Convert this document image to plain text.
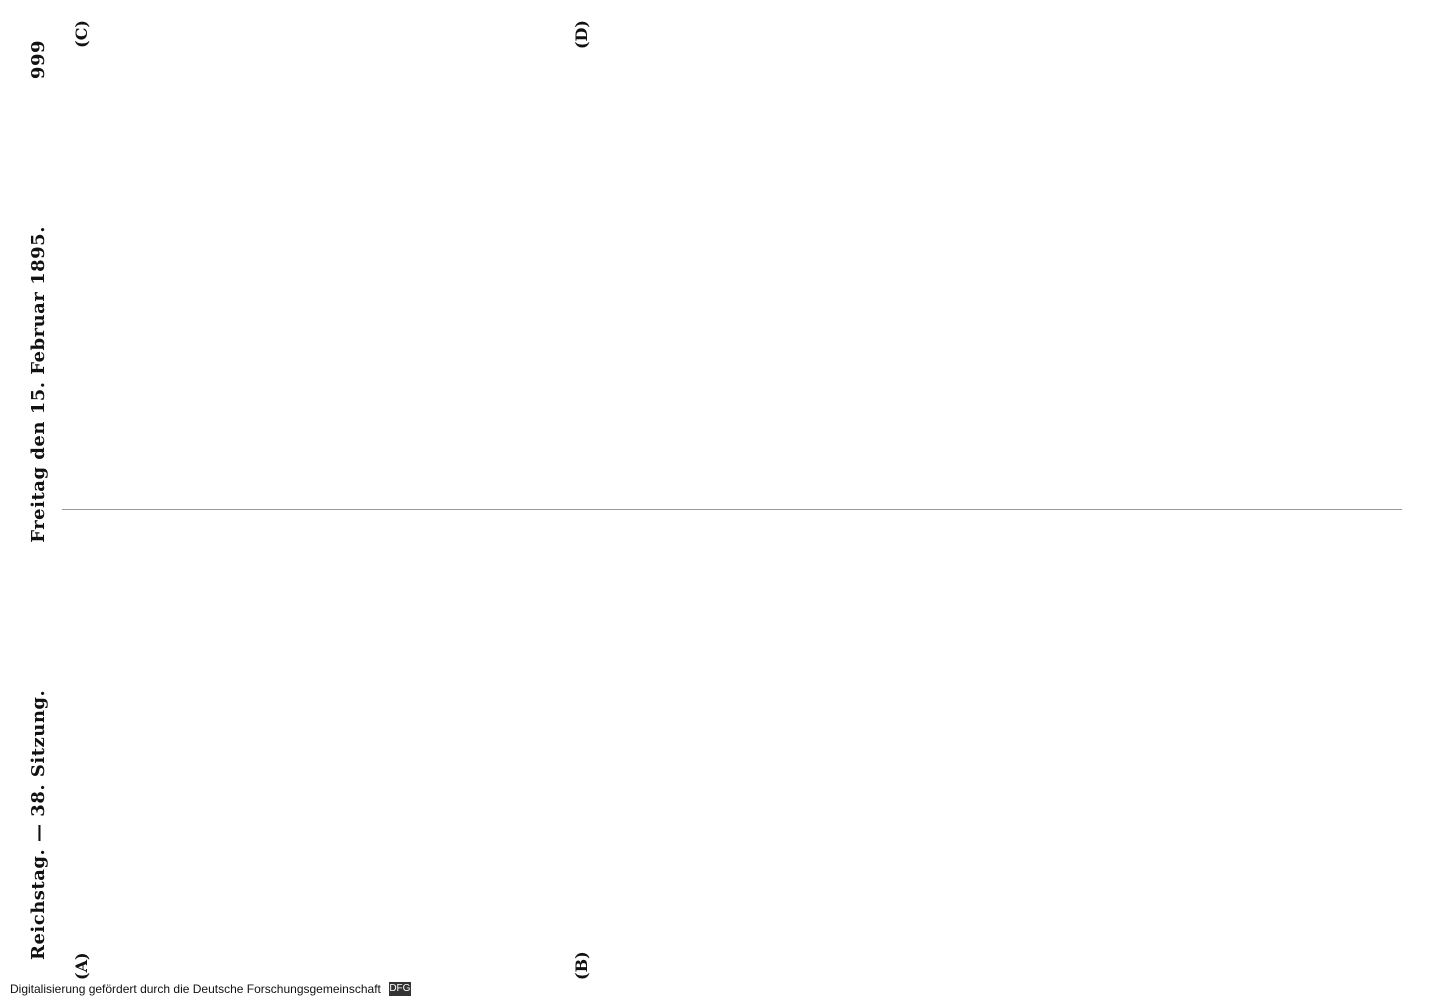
Reichstag. — 38. Sitzung.
Freitag den 15. Februar 1895.
999
(A)	(B)
(C)	(D)
Digitalisierung gefördert durch die Deutsche Forschungsgemeinschaft DFG
